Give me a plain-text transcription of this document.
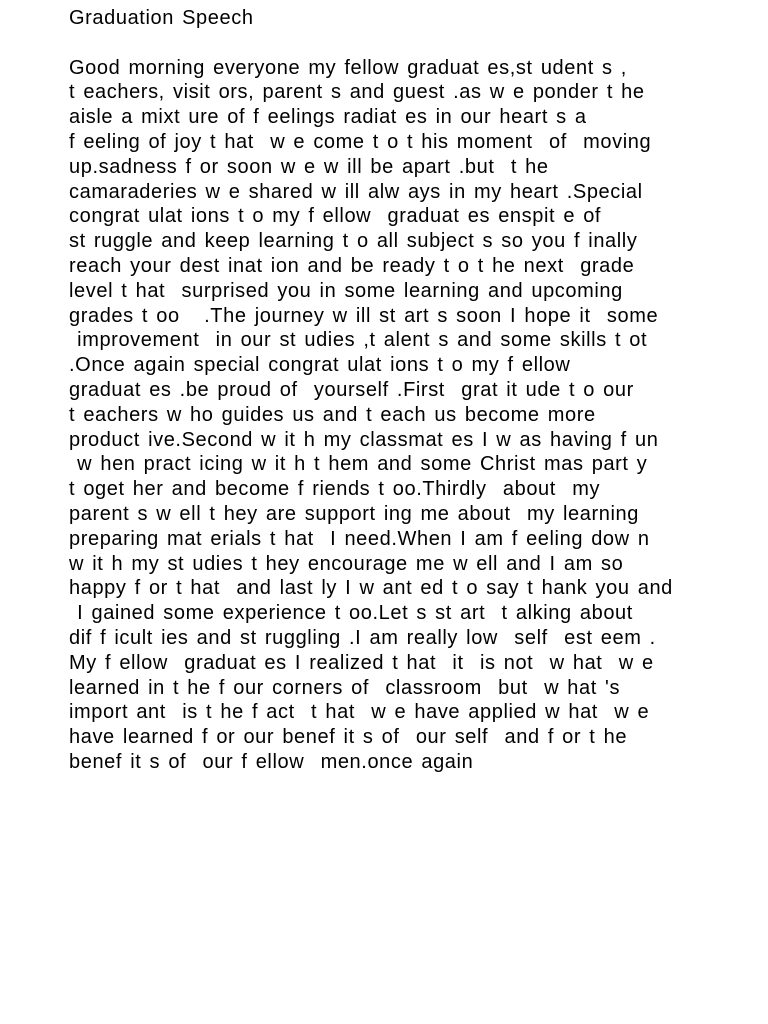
Graduation Speech
Good morning everyone my fellow graduat es,st udent s ,
t eachers, visit ors, parent s and guest .as w e ponder t he
aisle a mixt ure of f eelings radiat es in our heart s a
f eeling of joy t hat  w e come t o t his moment  of  moving
up.sadness f or soon w e w ill be apart .but  t he
camaraderies w e shared w ill alw ays in my heart .Special
congrat ulat ions t o my f ellow  graduat es enspit e of
st ruggle and keep learning t o all subject s so you f inally
reach your dest inat ion and be ready t o t he next  grade
level t hat  surprised you in some learning and upcoming
grades t oo   .The journey w ill st art s soon I hope it  some
improvement  in our st udies ,t alent s and some skills t ot
.Once again special congrat ulat ions t o my f ellow
graduat es .be proud of  yourself .First  grat it ude t o our
t eachers w ho guides us and t each us become more
product ive.Second w it h my classmat es I w as having f un
w hen pract icing w it h t hem and some Christ mas part y
t oget her and become f riends t oo.Thirdly  about  my
parent s w ell t hey are support ing me about  my learning
preparing mat erials t hat  I need.When I am f eeling dow n
w it h my st udies t hey encourage me w ell and I am so
happy f or t hat  and last ly I w ant ed t o say t hank you and
I gained some experience t oo.Let s st art  t alking about
dif f icult ies and st ruggling .I am really low  self  est eem .
My f ellow  graduat es I realized t hat  it  is not  w hat  w e
learned in t he f our corners of  classroom  but  w hat 's
import ant  is t he f act  t hat  w e have applied w hat  w e
have learned f or our benef it s of  our self  and f or t he
benef it s of  our f ellow  men.once again
